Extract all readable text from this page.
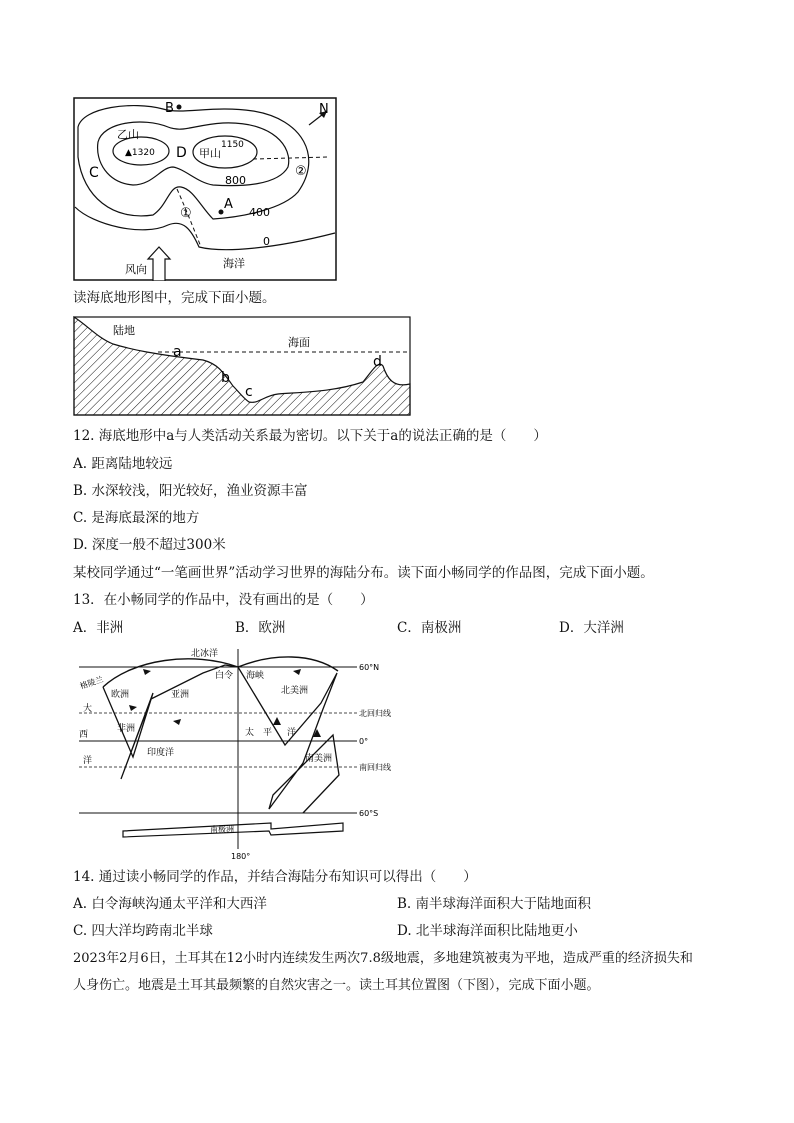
B	N
乙山
▲1320 D	1150
甲山
C	②
800
①
A
400
0
风向	海洋
读海底地形图中，完成下面小题。
陆地
海面
a
b
c
d
12. 海底地形中a与人类活动关系最为密切。以下关于a的说法正确的是（　　）
A. 距离陆地较远
B. 水深较浅，阳光较好，渔业资源丰富
C. 是海底最深的地方
D. 深度一般不超过300米
某校同学通过“一笔画世界”活动学习世界的海陆分布。读下面小畅同学的作品图，完成下面小题。
13．在小畅同学的作品中，没有画出的是（　　）
A．非洲	B．欧洲	C．南极洲	D．大洋洲
北冰洋
白令 海峡
60°N
北回归线
0°
南回归线
60°S
格陵兰
欧洲	亚洲	北美洲
非洲
印度洋
太　平 洋
南美洲
大
西
洋
南极洲
180°
14. 通过读小畅同学的作品，并结合海陆分布知识可以得出（　　）
A. 白令海峡沟通太平洋和大西洋	B. 南半球海洋面积大于陆地面积
C. 四大洋均跨南北半球	D. 北半球海洋面积比陆地更小
2023年2月6日，土耳其在12小时内连续发生两次7.8级地震，多地建筑被夷为平地，造成严重的经济损失和
人身伤亡。地震是土耳其最频繁的自然灾害之一。读土耳其位置图（下图），完成下面小题。
